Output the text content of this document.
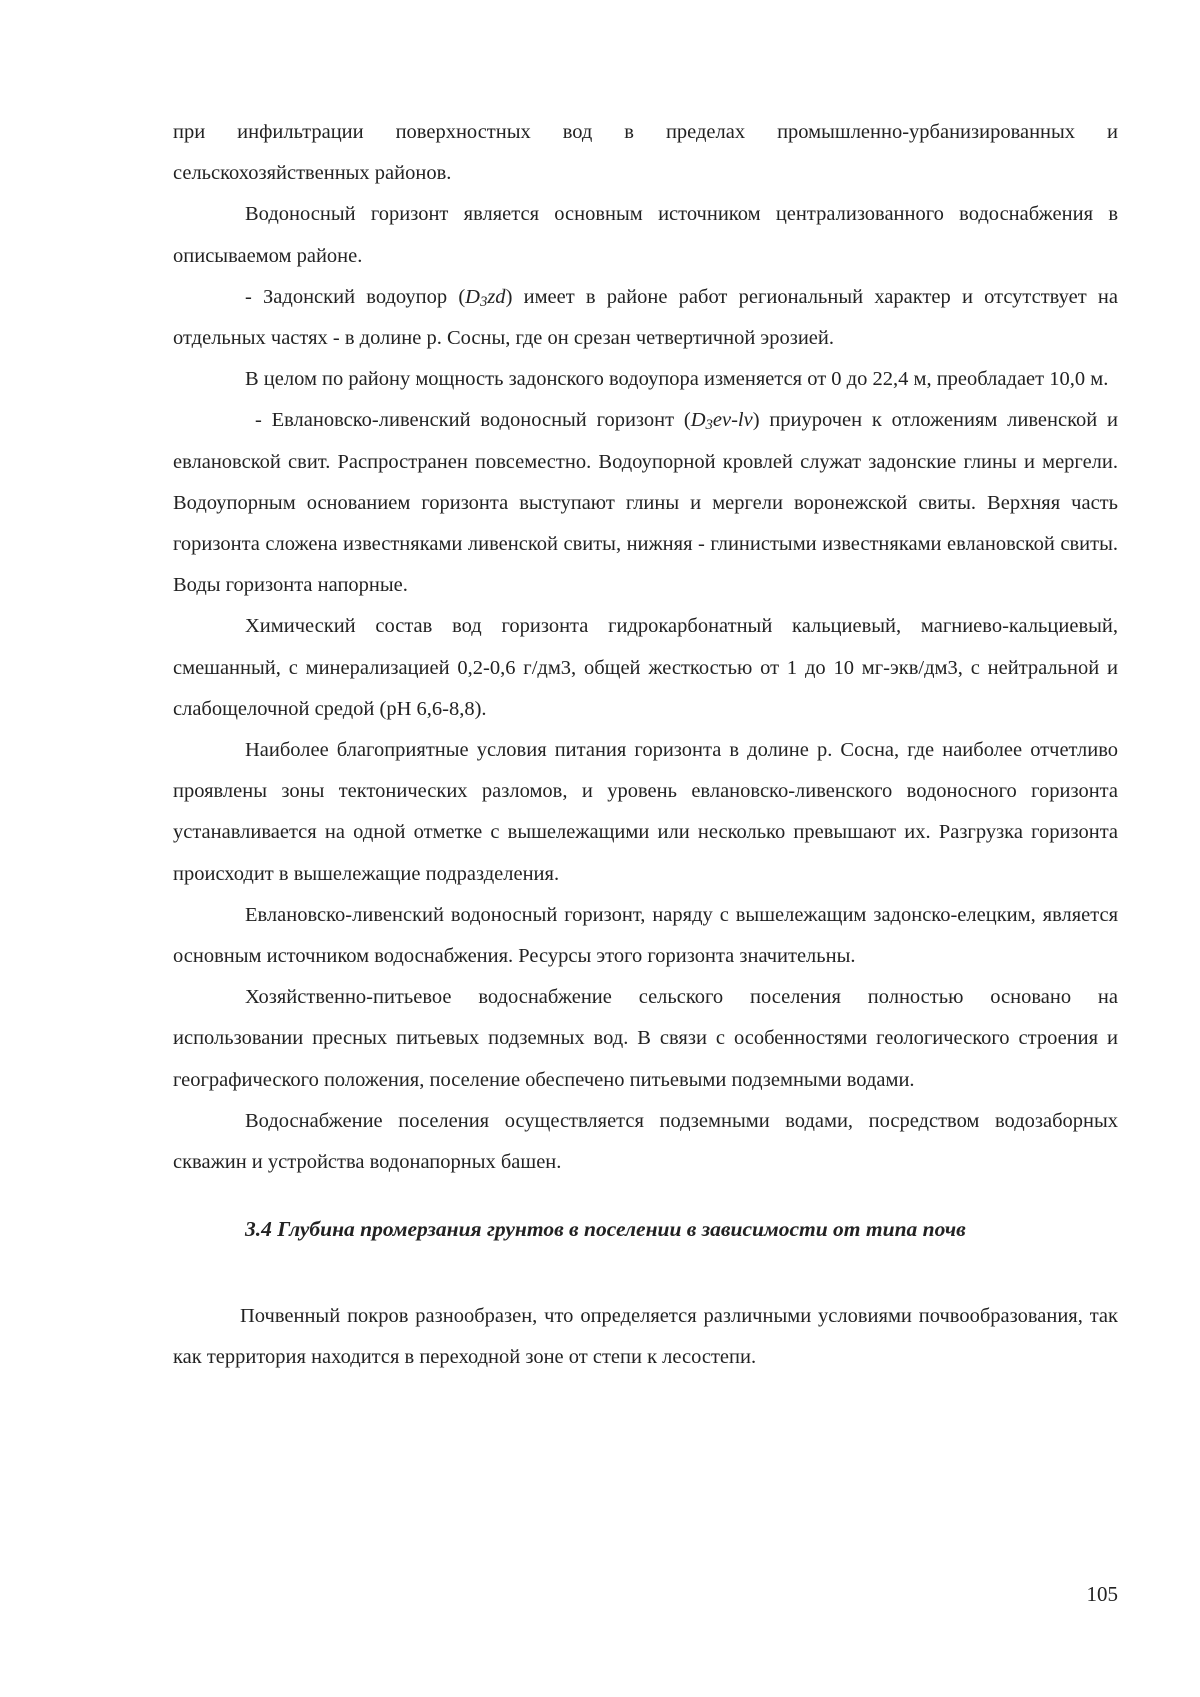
при инфильтрации поверхностных вод в пределах промышленно-урбанизированных и сельскохозяйственных районов.

Водоносный горизонт является основным источником централизованного водоснабжения в описываемом районе.

- Задонский водоупор $(D_3zd)$ имеет в районе работ региональный характер и отсутствует на отдельных частях - в долине р. Сосны, где он срезан четвертичной эрозией.

В целом по району мощность задонского водоупора изменяется от 0 до 22,4 м, преобладает 10,0 м.

- Евлановско-ливенский водоносный горизонт $(D_3ev-lv)$ приурочен к отложениям ливенской и евлановской свит. Распространен повсеместно. Водоупорной кровлей служат задонские глины и мергели. Водоупорным основанием горизонта выступают глины и мергели воронежской свиты. Верхняя часть горизонта сложена известняками ливенской свиты, нижняя - глинистыми известняками евлановской свиты. Воды горизонта напорные.

Химический состав вод горизонта гидрокарбонатный кальциевый, магниево-кальциевый, смешанный, с минерализацией 0,2-0,6 г/дм3, общей жесткостью от 1 до 10 мг-экв/дм3, с нейтральной и слабощелочной средой (рН 6,6-8,8).

Наиболее благоприятные условия питания горизонта в долине р. Сосна, где наиболее отчетливо проявлены зоны тектонических разломов, и уровень евлановско-ливенского водоносного горизонта устанавливается на одной отметке с вышележащими или несколько превышают их. Разгрузка горизонта происходит в вышележащие подразделения.

Евлановско-ливенский водоносный горизонт, наряду с вышележащим задонско-елецким, является основным источником водоснабжения. Ресурсы этого горизонта значительны.

Хозяйственно-питьевое водоснабжение сельского поселения полностью основано на использовании пресных питьевых подземных вод. В связи с особенностями геологического строения и географического положения, поселение обеспечено питьевыми подземными водами.

Водоснабжение поселения осуществляется подземными водами, посредством водозаборных скважин и устройства водонапорных башен.

3.4 Глубина промерзания грунтов в поселении в зависимости от типа почв

Почвенный покров разнообразен, что определяется различными условиями почвообразования, так как территория находится в переходной зоне от степи к лесостепи.

105
